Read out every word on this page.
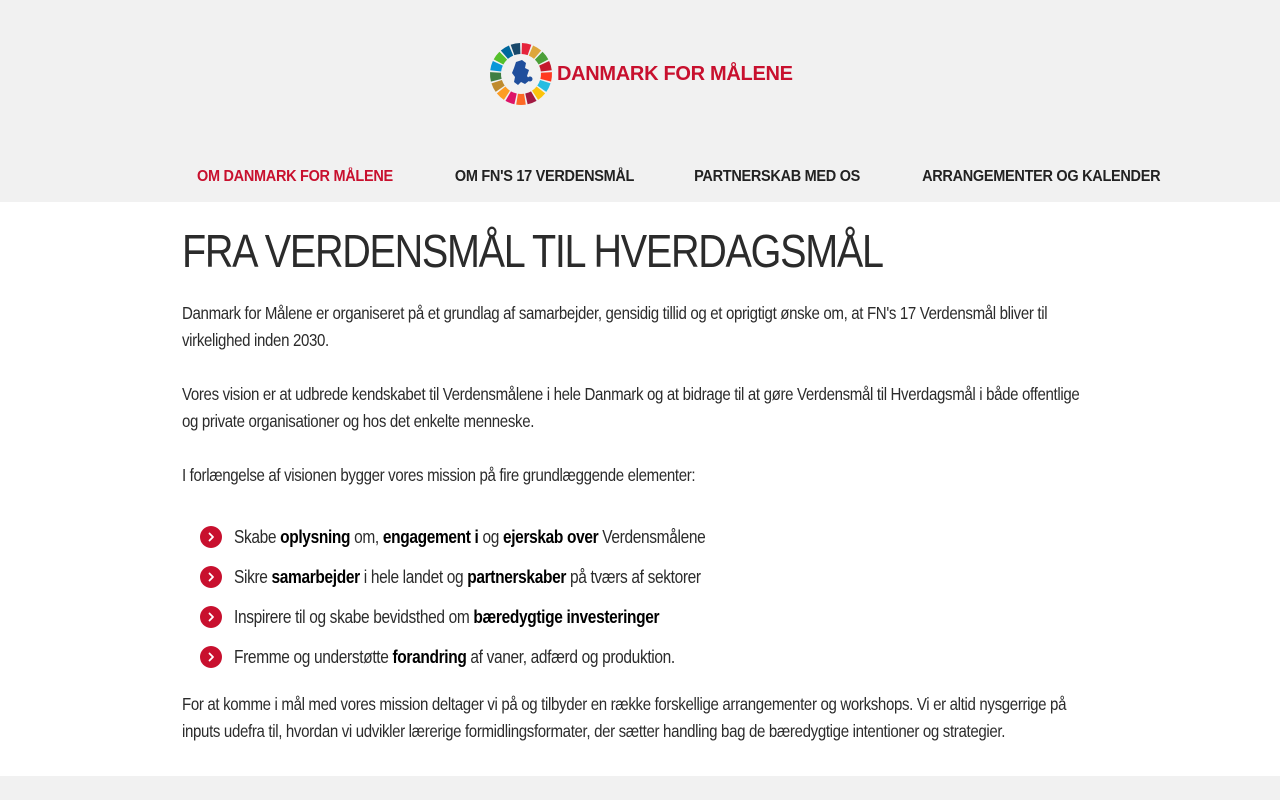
DANMARK FOR MÅLENE
OM DANMARK FOR MÅLENE	OM FN'S 17 VERDENSMÅL	PARTNERSKAB MED OS	ARRANGEMENTER OG KALENDER
FRA VERDENSMÅL TIL HVERDAGSMÅL

Danmark for Målene er organiseret på et grundlag af samarbejder, gensidig tillid og et oprigtigt ønske om, at FN's 17 Verdensmål bliver til virkelighed inden 2030.

Vores vision er at udbrede kendskabet til Verdensmålene i hele Danmark og at bidrage til at gøre Verdensmål til Hverdagsmål i både offentlige og private organisationer og hos det enkelte menneske.

I forlængelse af visionen bygger vores mission på fire grundlæggende elementer:

Skabe oplysning om, engagement i og ejerskab over Verdensmålene
Sikre samarbejder i hele landet og partnerskaber på tværs af sektorer
Inspirere til og skabe bevidsthed om bæredygtige investeringer
Fremme og understøtte forandring af vaner, adfærd og produktion.

For at komme i mål med vores mission deltager vi på og tilbyder en række forskellige arrangementer og workshops. Vi er altid nysgerrige på inputs udefra til, hvordan vi udvikler lærerige formidlingsformater, der sætter handling bag de bæredygtige intentioner og strategier.
